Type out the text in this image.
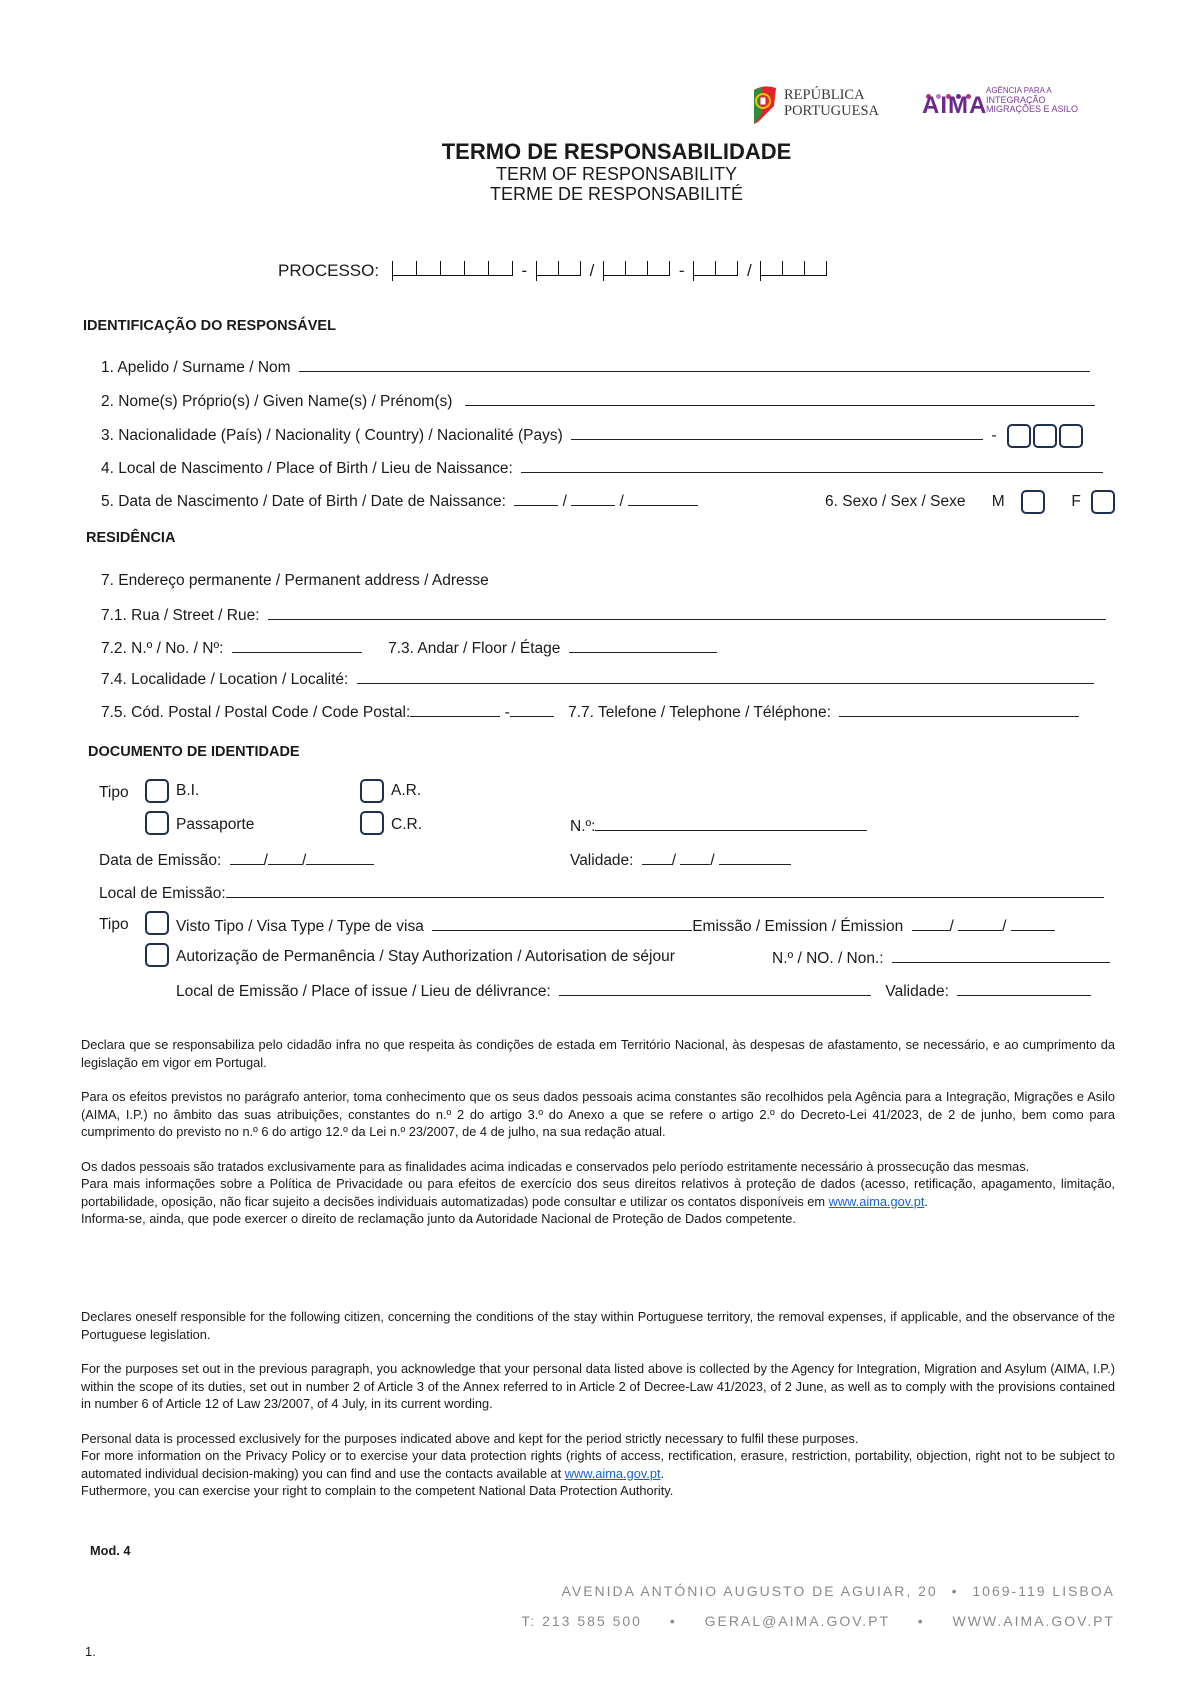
REPÚBLICA
PORTUGUESA AIMA
AGÊNCIA PARA A
INTEGRAÇÃO
MIGRAÇÕES E ASILO
TERMO DE RESPONSABILIDADE
TERM OF RESPONSABILITY
TERME DE RESPONSABILITÉ
PROCESSO:	-	/	-	/
IDENTIFICAÇÃO DO RESPONSÁVEL
1. Apelido / Surname / Nom
2. Nome(s) Próprio(s) / Given Name(s) / Prénom(s)
3. Nacionalidade (País) / Nacionality ( Country) / Nacionalité (Pays)	-
4. Local de Nascimento / Place of Birth / Lieu de Naissance:
5. Data de Nascimento / Date of Birth / Date de Naissance:	/	/	6. Sexo / Sex / Sexe M	F
RESIDÊNCIA
7. Endereço permanente / Permanent address / Adresse
7.1. Rua / Street / Rue:
7.2. N.º / No. / Nº:	7.3. Andar / Floor / Étage
7.4. Localidade / Location / Localité:
7.5. Cód. Postal / Postal Code / Code Postal:	-	7.7. Telefone / Telephone / Téléphone:
DOCUMENTO DE IDENTIDADE
Tipo	B.I.	A.R.
Passaporte	C.R.	N.º:
Data de Emissão:	/ /	Validade: / /
Local de Emissão:
Tipo	Visto Tipo / Visa Type / Type de visa	Emissão / Emission / Émission	/	/
Autorização de Permanência / Stay Authorization / Autorisation de séjour	N.º / NO. / Non.:
Local de Emissão / Place of issue / Lieu de délivrance:	Validade:

Declara que se responsabiliza pelo cidadão infra no que respeita às condições de estada em Território Nacional, às despesas de afastamento, se necessário, e ao cumprimento da legislação em vigor em Portugal.

Para os efeitos previstos no parágrafo anterior, toma conhecimento que os seus dados pessoais acima constantes são recolhidos pela Agência para a Integração, Migrações e Asilo (AIMA, I.P.) no âmbito das suas atribuições, constantes do n.º 2 do artigo 3.º do Anexo a que se refere o artigo 2.º do Decreto-Lei 41/2023, de 2 de junho, bem como para cumprimento do previsto no n.º 6 do artigo 12.º da Lei n.º 23/2007, de 4 de julho, na sua redação atual.

Os dados pessoais são tratados exclusivamente para as finalidades acima indicadas e conservados pelo período estritamente necessário à prossecução das mesmas.

Para mais informações sobre a Política de Privacidade ou para efeitos de exercício dos seus direitos relativos à proteção de dados (acesso, retificação, apagamento, limitação, portabilidade, oposição, não ficar sujeito a decisões individuais automatizadas) pode consultar e utilizar os contatos disponíveis em www.aima.gov.pt.

Informa-se, ainda, que pode exercer o direito de reclamação junto da Autoridade Nacional de Proteção de Dados competente.

Declares oneself responsible for the following citizen, concerning the conditions of the stay within Portuguese territory, the removal expenses, if applicable, and the observance of the Portuguese legislation.

For the purposes set out in the previous paragraph, you acknowledge that your personal data listed above is collected by the Agency for Integration, Migration and Asylum (AIMA, I.P.) within the scope of its duties, set out in number 2 of Article 3 of the Annex referred to in Article 2 of Decree-Law 41/2023, of 2 June, as well as to comply with the provisions contained in number 6 of Article 12 of Law 23/2007, of 4 July, in its current wording.

Personal data is processed exclusively for the purposes indicated above and kept for the period strictly necessary to fulfil these purposes.

For more information on the Privacy Policy or to exercise your data protection rights (rights of access, rectification, erasure, restriction, portability, objection, right not to be subject to automated individual decision-making) you can find and use the contacts available at www.aima.gov.pt.

Futhermore, you can exercise your right to complain to the competent National Data Protection Authority.

Mod. 4
AVENIDA ANTÓNIO AUGUSTO DE AGUIAR, 20 • 1069-119 LISBOA
T: 213 585 500 • GERAL@AIMA.GOV.PT • WWW.AIMA.GOV.PT
1.
